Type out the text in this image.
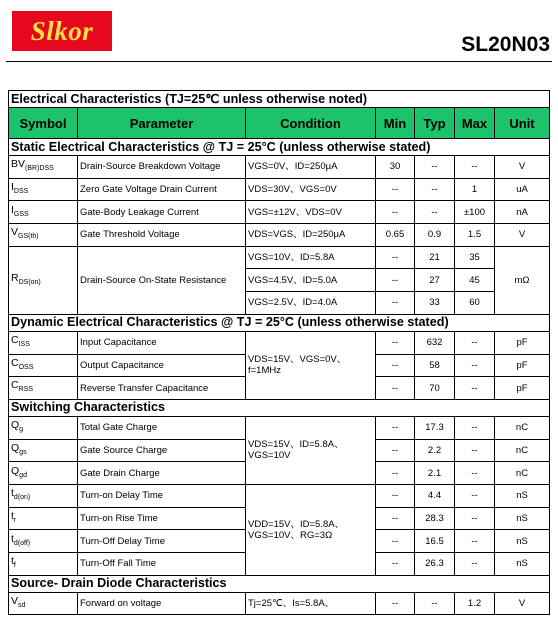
Slkor	SL20N03
Electrical Characteristics (TJ=25℃ unless otherwise noted)						
Symbol	Parameter	Condition	Min	Typ	Max	Unit
Static Electrical Characteristics @ TJ = 25°C (unless otherwise stated)						
$BV_{(BR)DSS}$	Drain-Source Breakdown Voltage	VGS=0V、ID=250μA	30	--	--	V
$I_{DSS}$	Zero Gate Voltage Drain Current	VDS=30V、VGS=0V	--	--	1	uA
$I_{GSS}$	Gate-Body Leakage Current	VGS=±12V、VDS=0V	--	--	±100	nA
$V_{GS(th)}$	Gate Threshold Voltage	VDS=VGS、ID=250μA	0.65	0.9	1.5	V
$R_{DS(on)}$	Drain-Source On-State Resistance	VGS=10V、ID=5.8A	--	21	35	mΩ
		VGS=4.5V、ID=5.0A	--	27	45	
		VGS=2.5V、ID=4.0A	--	33	60	
Dynamic Electrical Characteristics @ TJ = 25°C (unless otherwise stated)						
$C_{ISS}$	Input Capacitance	VDS=15V、VGS=0V、f=1MHz	--	632	--	pF
$C_{OSS}$	Output Capacitance		--	58	--	pF
$C_{RSS}$	Reverse Transfer Capacitance		--	70	--	pF
Switching Characteristics						
$Q_g$	Total Gate Charge	VDS=15V、ID=5.8A、VGS=10V	--	17.3	--	nC
$Q_{gs}$	Gate Source Charge		--	2.2	--	nC
$Q_{gd}$	Gate Drain Charge		--	2.1	--	nC
$t_{d(on)}$	Turn-on Delay Time	VDD=15V、ID=5.8A、VGS=10V、RG=3Ω	--	4.4	--	nS
$t_r$	Turn-on Rise Time		--	28.3	--	nS
$t_{d(off)}$	Turn-Off Delay Time		--	16.5	--	nS
$t_f$	Turn-Off Fall Time		--	26.3	--	nS
Source- Drain Diode Characteristics						
$V_{sd}$	Forward on voltage	Tj=25℃、Is=5.8A、	--	--	1.2	V
